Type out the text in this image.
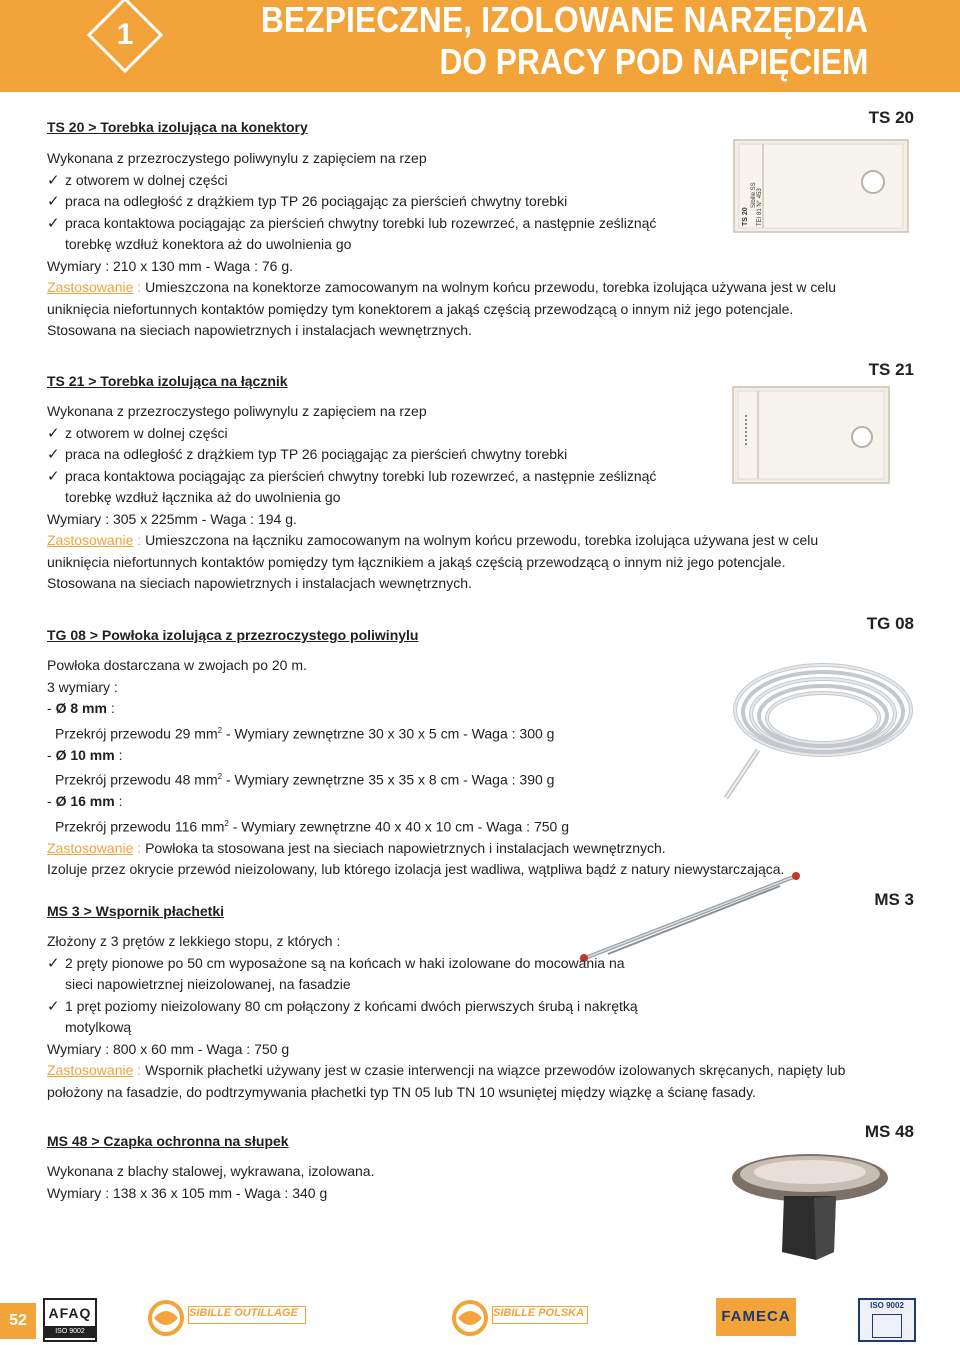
1	BEZPIECZNE, IZOLOWANE NARZĘDZIA
DO PRACY POD NAPIĘCIEM
TS 20
TS 20
Sibille SS TEI 81 N° 453
TS 20 > Torebka izolująca na konektory
Wykonana z przezroczystego poliwynylu z zapięciem na rzep
✓ z otworem w dolnej części
✓ praca na odległość z drążkiem typ TP 26 pociągając za pierścień chwytny torebki
✓ praca kontaktowa pociągając za pierścień chwytny torebki lub rozewrzeć, a następnie ześliznąć
torebkę wzdłuż konektora aż do uwolnienia go
Wymiary : 210 x 130 mm - Waga : 76 g.
Zastosowanie : Umieszczona na konektorze zamocowanym na wolnym końcu przewodu, torebka izolująca używana jest w celu
uniknięcia niefortunnych kontaktów pomiędzy tym konektorem a jakąś częścią przewodzącą o innym niż jego potencjale.
Stosowana na sieciach napowietrznych i instalacjach wewnętrznych.
TS 21
TS 21 > Torebka izolująca na łącznik
Wykonana z przezroczystego poliwynylu z zapięciem na rzep
✓ z otworem w dolnej części
✓ praca na odległość z drążkiem typ TP 26 pociągając za pierścień chwytny torebki
✓ praca kontaktowa pociągając za pierścień chwytny torebki lub rozewrzeć, a następnie ześliznąć
torebkę wzdłuż łącznika aż do uwolnienia go
Wymiary : 305 x 225mm - Waga : 194 g.
Zastosowanie : Umieszczona na łączniku zamocowanym na wolnym końcu przewodu, torebka izolująca używana jest w celu
uniknięcia niefortunnych kontaktów pomiędzy tym łącznikiem a jakąś częścią przewodzącą o innym niż jego potencjale.
Stosowana na sieciach napowietrznych i instalacjach wewnętrznych.
TG 08
TG 08 > Powłoka izolująca z przezroczystego poliwinylu
Powłoka dostarczana w zwojach po 20 m.
3 wymiary :
- Ø 8 mm :
Przekrój przewodu 29 $mm^2$ - Wymiary zewnętrzne 30 x 30 x 5 cm - Waga : 300 g
- Ø 10 mm :
Przekrój przewodu 48 $mm^2$ - Wymiary zewnętrzne 35 x 35 x 8 cm - Waga : 390 g
- Ø 16 mm :
Przekrój przewodu 116 $mm^2$ - Wymiary zewnętrzne 40 x 40 x 10 cm - Waga : 750 g
Zastosowanie : Powłoka ta stosowana jest na sieciach napowietrznych i instalacjach wewnętrznych.
Izoluje przez okrycie przewód nieizolowany, lub którego izolacja jest wadliwa, wątpliwa bądź z natury niewystarczająca.
MS 3
MS 3 > Wspornik płachetki
Złożony z 3 prętów z lekkiego stopu, z których :
✓ 2 pręty pionowe po 50 cm wyposażone są na końcach w haki izolowane do mocowania na
sieci napowietrznej nieizolowanej, na fasadzie
✓ 1 pręt poziomy nieizolowany 80 cm połączony z końcami dwóch pierwszych śrubą i nakrętką
motylkową
Wymiary : 800 x 60 mm - Waga : 750 g
Zastosowanie : Wspornik płachetki używany jest w czasie interwencji na wiązce przewodów izolowanych skręcanych, napięty lub
położony na fasadzie, do podtrzymywania płachetki typ TN 05 lub TN 10 wsuniętej między wiązkę a ścianę fasady.
MS 48
MS 48 > Czapka ochronna na słupek
Wykonana z blachy stalowej, wykrawana, izolowana.
Wymiary : 138 x 36 x 105 mm - Waga : 340 g
52	AFAQ
ISO 9002
SIBILLE OUTILLAGE	SIBILLE POLSKA	FAMECA
ISO 9002
